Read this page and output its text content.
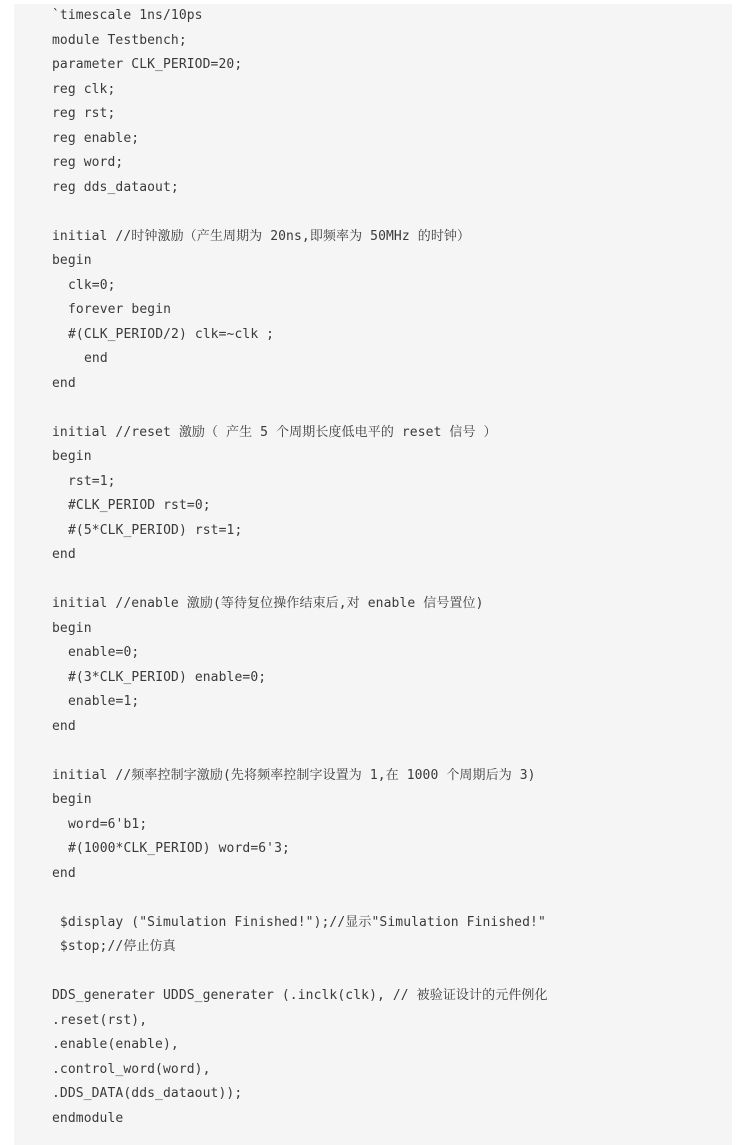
`timescale 1ns/10ps
module Testbench;
parameter CLK_PERIOD=20;
reg clk;
reg rst;
reg enable;
reg word;
reg dds_dataout;
initial //时钟激励（产生周期为 20ns,即频率为 50MHz 的时钟）
begin
clk=0;
forever begin
#(CLK_PERIOD/2) clk=~clk ;
end
end
initial //reset 激励（ 产生 5 个周期长度低电平的 reset 信号 ）
begin
rst=1;
#CLK_PERIOD rst=0;
#(5*CLK_PERIOD) rst=1;
end
initial //enable 激励(等待复位操作结束后,对 enable 信号置位)
begin
enable=0;
#(3*CLK_PERIOD) enable=0;
enable=1;
end
initial //频率控制字激励(先将频率控制字设置为 1,在 1000 个周期后为 3)
begin
word=6'b1;
#(1000*CLK_PERIOD) word=6'3;
end
$display ("Simulation Finished!");//显示"Simulation Finished!"
$stop;//停止仿真
DDS_generater UDDS_generater (.inclk(clk), // 被验证设计的元件例化
.reset(rst),
.enable(enable),
.control_word(word),
.DDS_DATA(dds_dataout));
endmodule
